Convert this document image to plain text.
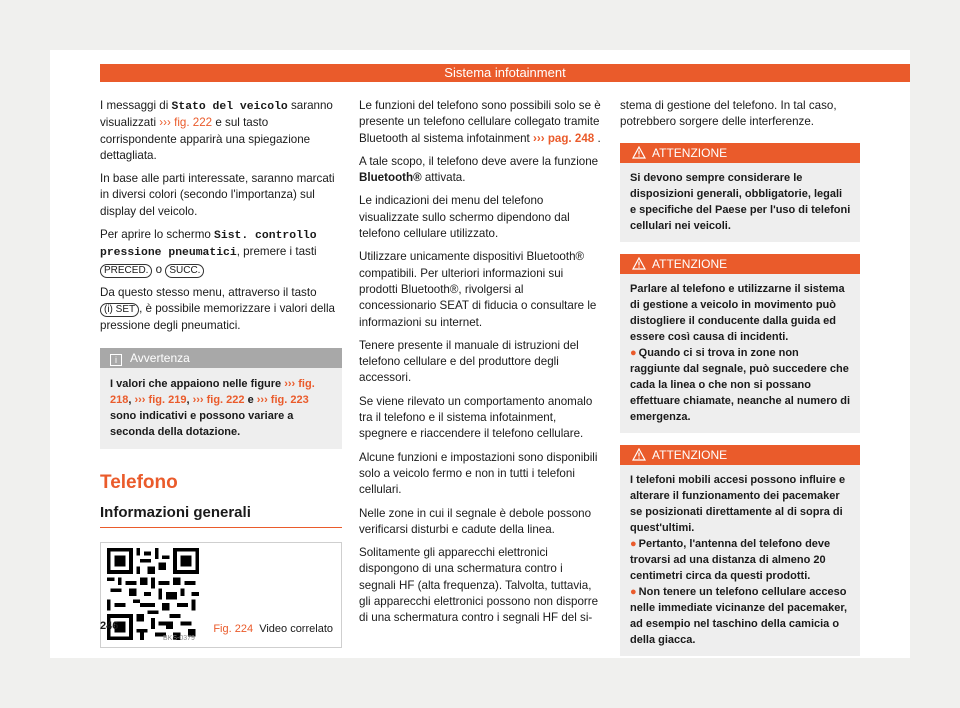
Sistema infotainment

I messaggi di Stato del veicolo saranno visualizzati ››› fig. 222 e sul tasto corrispondente apparirà una spiegazione dettagliata.

In base alle parti interessate, saranno marcati in diversi colori (secondo l'importanza) sul display del veicolo.

Per aprire lo schermo Sist. controllo pressione pneumatici, premere i tasti PRECED. o SUCC.

Da questo stesso menu, attraverso il tasto (i) SET , è possibile memorizzare i valori della pressione degli pneumatici.

i Avvertenza
I valori che appaiono nelle figure ››› fig. 218, ››› fig. 219, ››› fig. 222 e ››› fig. 223 sono indicativi e possono variare a seconda della dotazione.
Telefono
Informazioni generali
BKS-0379
Fig. 224 Video correlato

Le funzioni del telefono sono possibili solo se è presente un telefono cellulare collegato tramite Bluetooth al sistema infotainment ››› pag. 248 .

A tale scopo, il telefono deve avere la funzione Bluetooth® attivata.

Le indicazioni dei menu del telefono visualizzate sullo schermo dipendono dal telefono cellulare utilizzato.

Utilizzare unicamente dispositivi Bluetooth® compatibili. Per ulteriori informazioni sui prodotti Bluetooth®, rivolgersi al concessionario SEAT di fiducia o consultare le informazioni su internet.

Tenere presente il manuale di istruzioni del telefono cellulare e del produttore degli accessori.

Se viene rilevato un comportamento anomalo tra il telefono e il sistema infotainment, spegnere e riaccendere il telefono cellulare.

Alcune funzioni e impostazioni sono disponibili solo a veicolo fermo e non in tutti i telefoni cellulari.

Nelle zone in cui il segnale è debole possono verificarsi disturbi e cadute della linea.

Solitamente gli apparecchi elettronici dispongono di una schermatura contro i segnali HF (alta frequenza). Talvolta, tuttavia, gli apparecchi elettronici possono non disporre di una schermatura contro i segnali HF del si-

stema di gestione del telefono. In tal caso, potrebbero sorgere delle interferenze.

ATTENZIONE

Si devono sempre considerare le disposizioni generali, obbligatorie, legali e specifiche del Paese per l'uso di telefoni cellulari nei veicoli.

ATTENZIONE

Parlare al telefono e utilizzarne il sistema di gestione a veicolo in movimento può distogliere il conducente dalla guida ed essere così causa di incidenti.

● Quando ci si trova in zone non raggiunte dal segnale, può succedere che cada la linea o che non si possano effettuare chiamate, neanche al numero di emergenza.

ATTENZIONE

I telefoni mobili accesi possono influire e alterare il funzionamento dei pacemaker se posizionati direttamente al di sopra di quest'ultimi.

● Pertanto, l'antenna del telefono deve trovarsi ad una distanza di almeno 20 centimetri circa da questi prodotti.

● Non tenere un telefono cellulare acceso nelle immediate vicinanze del pacemaker, ad esempio nel taschino della camicia o della giacca.

246
